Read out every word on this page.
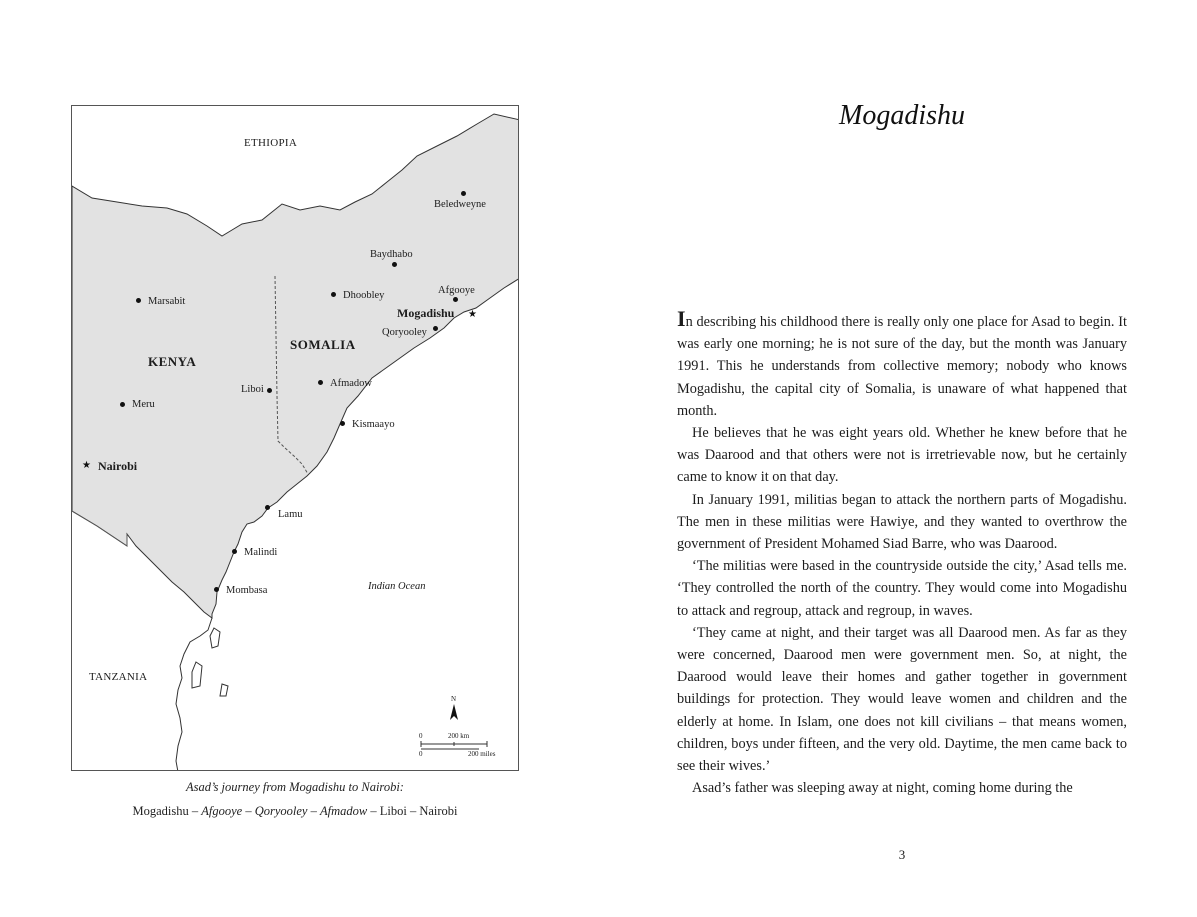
ETHIOPIA
KENYA
SOMALIA
TANZANIA
Indian Ocean
Beledweyne
Baydhabo
Afgooye
Dhoobley
Mogadishu ★
Qoryooley
Marsabit
Liboi
Afmadow
Meru
Kismaayo
★ Nairobi
Lamu
Malindi
Mombasa
N
0	200 km
0	200 miles
Asad’s journey from Mogadishu to Nairobi:
Mogadishu – Afgooye – Qoryooley – Afmadow – Liboi – Nairobi
Mogadishu

In describing his childhood there is really only one place for Asad to begin. It was early one morning; he is not sure of the day, but the month was January 1991. This he understands from collective memory; nobody who knows Mogadishu, the capital city of Somalia, is unaware of what happened that month.

He believes that he was eight years old. Whether he knew before that he was Daarood and that others were not is irretrievable now, but he certainly came to know it on that day.

In January 1991, militias began to attack the northern parts of Mogadishu. The men in these militias were Hawiye, and they wanted to overthrow the government of President Mohamed Siad Barre, who was Daarood.

‘The militias were based in the countryside outside the city,’ Asad tells me. ‘They controlled the north of the country. They would come into Mogadishu to attack and regroup, attack and regroup, in waves.

‘They came at night, and their target was all Daarood men. As far as they were concerned, Daarood men were government men. So, at night, the Daarood would leave their homes and gather together in government buildings for protection. They would leave women and children and the elderly at home. In Islam, one does not kill civilians – that means women, children, boys under fifteen, and the very old. Daytime, the men came back to see their wives.’

Asad’s father was sleeping away at night, coming home during the

3
